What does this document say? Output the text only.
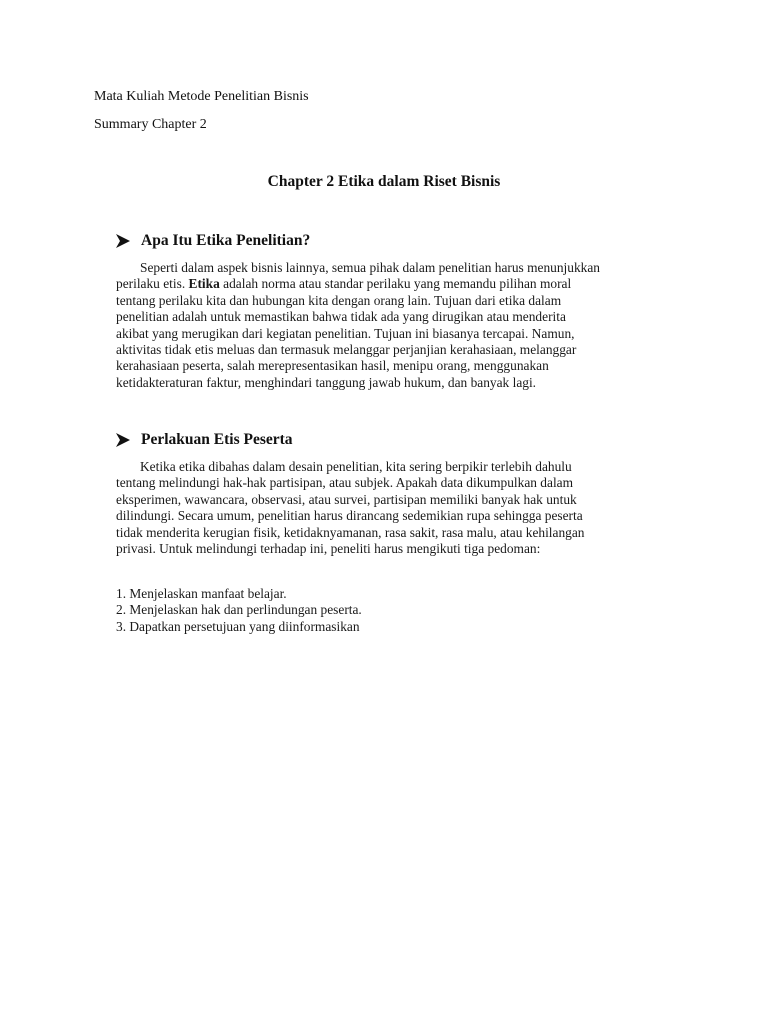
Mata Kuliah Metode Penelitian Bisnis
Summary Chapter 2
Chapter 2 Etika dalam Riset Bisnis
Apa Itu Etika Penelitian?
Seperti dalam aspek bisnis lainnya, semua pihak dalam penelitian harus menunjukkan
perilaku etis. Etika adalah norma atau standar perilaku yang memandu pilihan moral
tentang perilaku kita dan hubungan kita dengan orang lain. Tujuan dari etika dalam
penelitian adalah untuk memastikan bahwa tidak ada yang dirugikan atau menderita
akibat yang merugikan dari kegiatan penelitian. Tujuan ini biasanya tercapai. Namun,
aktivitas tidak etis meluas dan termasuk melanggar perjanjian kerahasiaan, melanggar
kerahasiaan peserta, salah merepresentasikan hasil, menipu orang, menggunakan
ketidakteraturan faktur, menghindari tanggung jawab hukum, dan banyak lagi.
Perlakuan Etis Peserta
Ketika etika dibahas dalam desain penelitian, kita sering berpikir terlebih dahulu
tentang melindungi hak-hak partisipan, atau subjek. Apakah data dikumpulkan dalam
eksperimen, wawancara, observasi, atau survei, partisipan memiliki banyak hak untuk
dilindungi. Secara umum, penelitian harus dirancang sedemikian rupa sehingga peserta
tidak menderita kerugian fisik, ketidaknyamanan, rasa sakit, rasa malu, atau kehilangan
privasi. Untuk melindungi terhadap ini, peneliti harus mengikuti tiga pedoman:
1. Menjelaskan manfaat belajar.
2. Menjelaskan hak dan perlindungan peserta.
3. Dapatkan persetujuan yang diinformasikan
